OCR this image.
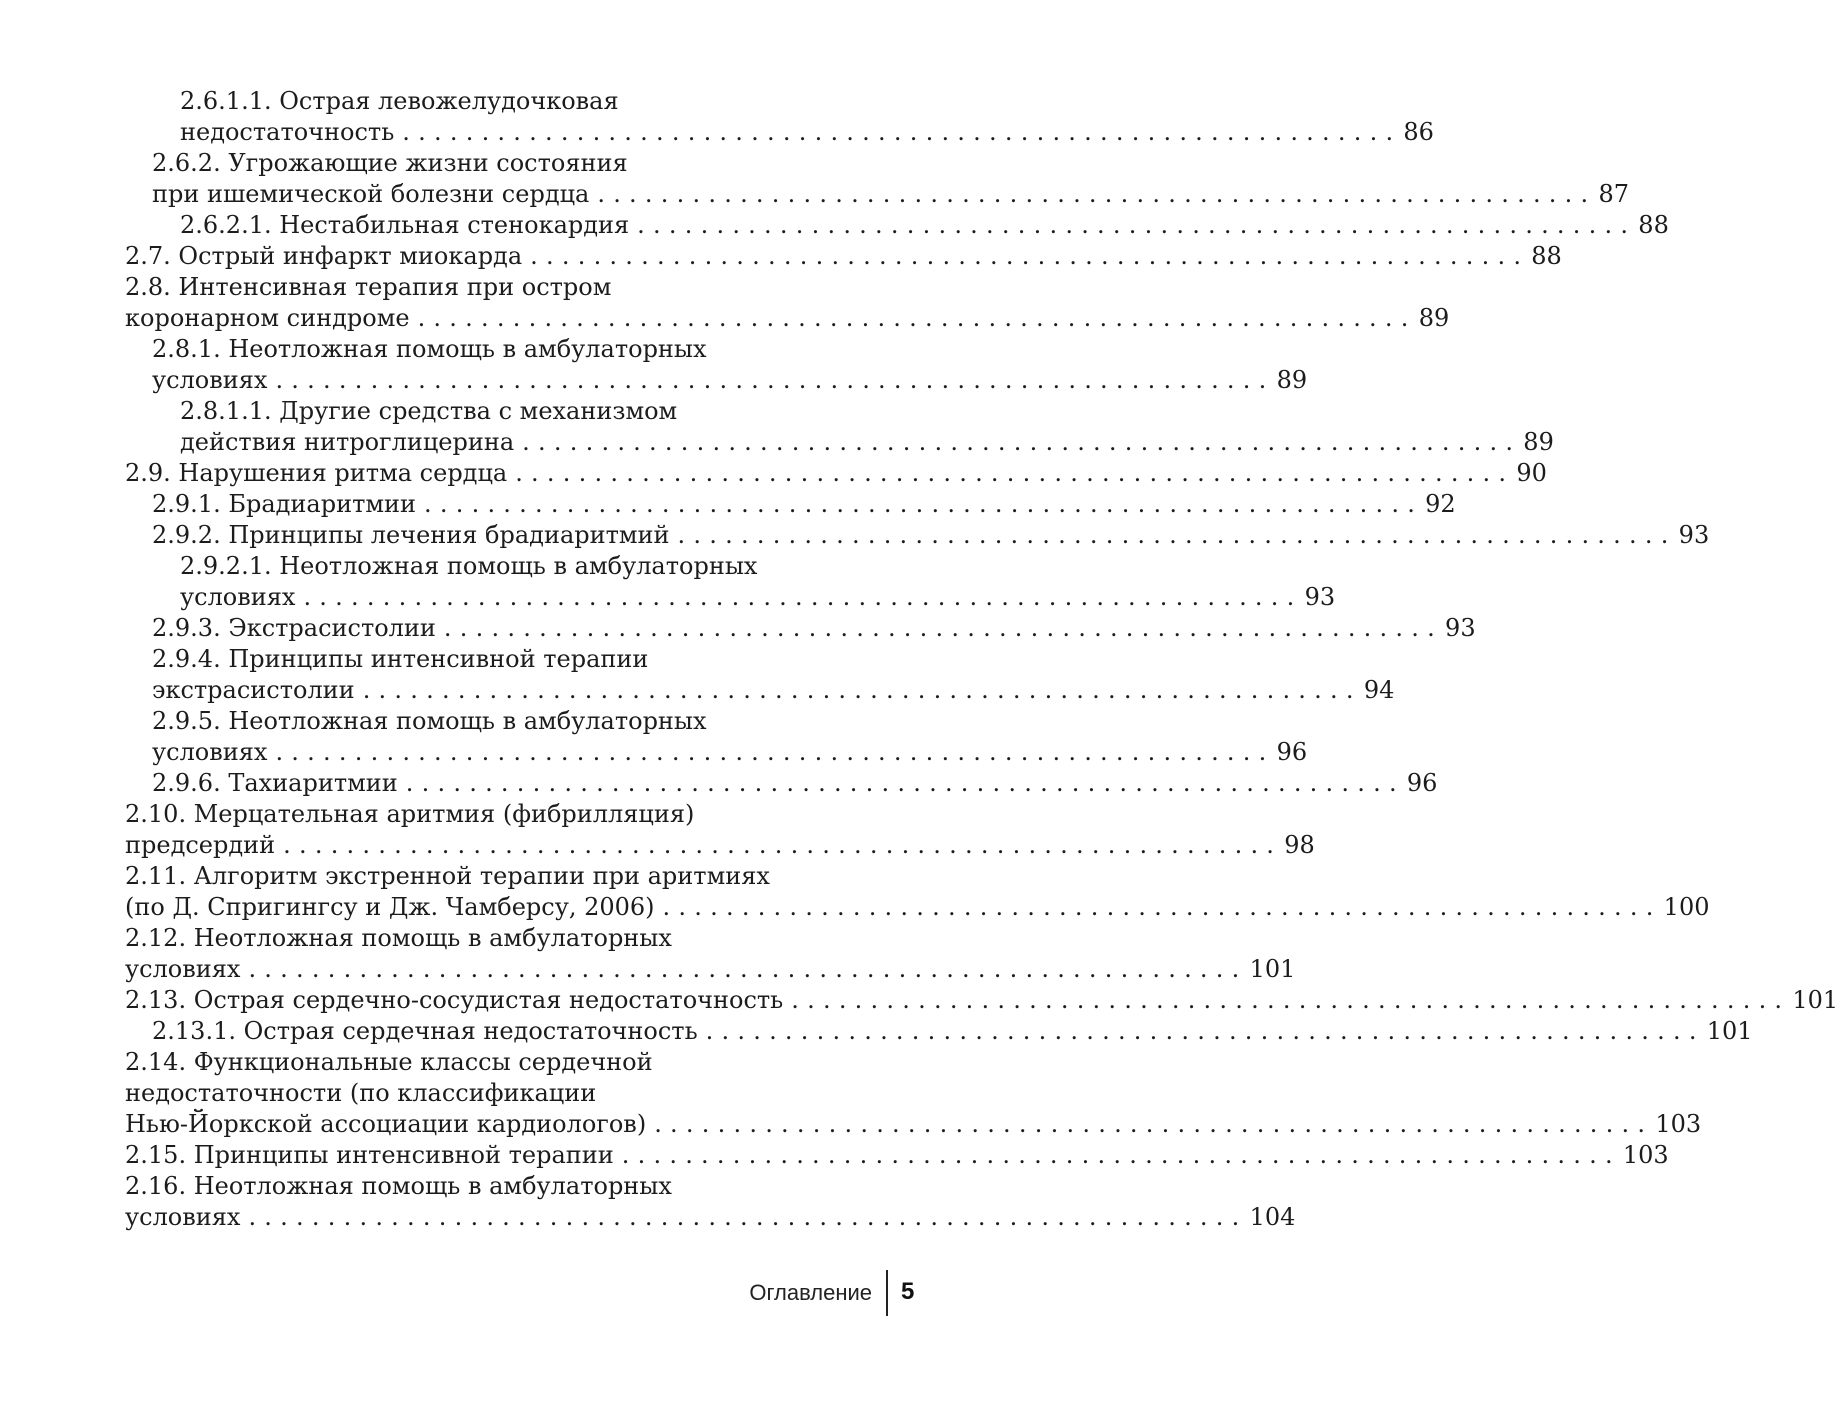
2.6.1.1. Острая левожелудочковая
недостаточность . . . . . . . . . . . . . . . . . . . . . . . . . . . . . . . . . . . . . . . . . . . . . . . . . . . . . . . . . . . . . . . 86
2.6.2. Угрожающие жизни состояния
при ишемической болезни сердца . . . . . . . . . . . . . . . . . . . . . . . . . . . . . . . . . . . . . . . . . . . . . . . . . . . . . . . . . . . . . . . 87
2.6.2.1. Нестабильная стенокардия . . . . . . . . . . . . . . . . . . . . . . . . . . . . . . . . . . . . . . . . . . . . . . . . . . . . . . . . . . . . . . . 88
2.7. Острый инфаркт миокарда . . . . . . . . . . . . . . . . . . . . . . . . . . . . . . . . . . . . . . . . . . . . . . . . . . . . . . . . . . . . . . . 88
2.8. Интенсивная терапия при остром
коронарном синдроме . . . . . . . . . . . . . . . . . . . . . . . . . . . . . . . . . . . . . . . . . . . . . . . . . . . . . . . . . . . . . . . 89
2.8.1. Неотложная помощь в амбулаторных
условиях . . . . . . . . . . . . . . . . . . . . . . . . . . . . . . . . . . . . . . . . . . . . . . . . . . . . . . . . . . . . . . . 89
2.8.1.1. Другие средства с механизмом
действия нитроглицерина . . . . . . . . . . . . . . . . . . . . . . . . . . . . . . . . . . . . . . . . . . . . . . . . . . . . . . . . . . . . . . . 89
2.9. Нарушения ритма сердца . . . . . . . . . . . . . . . . . . . . . . . . . . . . . . . . . . . . . . . . . . . . . . . . . . . . . . . . . . . . . . . 90
2.9.1. Брадиаритмии . . . . . . . . . . . . . . . . . . . . . . . . . . . . . . . . . . . . . . . . . . . . . . . . . . . . . . . . . . . . . . . 92
2.9.2. Принципы лечения брадиаритмий . . . . . . . . . . . . . . . . . . . . . . . . . . . . . . . . . . . . . . . . . . . . . . . . . . . . . . . . . . . . . . . 93
2.9.2.1. Неотложная помощь в амбулаторных
условиях . . . . . . . . . . . . . . . . . . . . . . . . . . . . . . . . . . . . . . . . . . . . . . . . . . . . . . . . . . . . . . . 93
2.9.3. Экстрасистолии . . . . . . . . . . . . . . . . . . . . . . . . . . . . . . . . . . . . . . . . . . . . . . . . . . . . . . . . . . . . . . . 93
2.9.4. Принципы интенсивной терапии
экстрасистолии . . . . . . . . . . . . . . . . . . . . . . . . . . . . . . . . . . . . . . . . . . . . . . . . . . . . . . . . . . . . . . . 94
2.9.5. Неотложная помощь в амбулаторных
условиях . . . . . . . . . . . . . . . . . . . . . . . . . . . . . . . . . . . . . . . . . . . . . . . . . . . . . . . . . . . . . . . 96
2.9.6. Тахиаритмии . . . . . . . . . . . . . . . . . . . . . . . . . . . . . . . . . . . . . . . . . . . . . . . . . . . . . . . . . . . . . . . 96
2.10. Мерцательная аритмия (фибрилляция)
предсердий . . . . . . . . . . . . . . . . . . . . . . . . . . . . . . . . . . . . . . . . . . . . . . . . . . . . . . . . . . . . . . . 98
2.11. Алгоритм экстренной терапии при аритмиях
(по Д. Спригингсу и Дж. Чамберсу, 2006) . . . . . . . . . . . . . . . . . . . . . . . . . . . . . . . . . . . . . . . . . . . . . . . . . . . . . . . . . . . . . . . 100
2.12. Неотложная помощь в амбулаторных
условиях . . . . . . . . . . . . . . . . . . . . . . . . . . . . . . . . . . . . . . . . . . . . . . . . . . . . . . . . . . . . . . . 101
2.13. Острая сердечно-сосудистая недостаточность . . . . . . . . . . . . . . . . . . . . . . . . . . . . . . . . . . . . . . . . . . . . . . . . . . . . . . . . . . . . . . . 101
2.13.1. Острая сердечная недостаточность . . . . . . . . . . . . . . . . . . . . . . . . . . . . . . . . . . . . . . . . . . . . . . . . . . . . . . . . . . . . . . . 101
2.14. Функциональные классы сердечной
недостаточности (по классификации
Нью-Йоркской ассоциации кардиологов) . . . . . . . . . . . . . . . . . . . . . . . . . . . . . . . . . . . . . . . . . . . . . . . . . . . . . . . . . . . . . . . 103
2.15. Принципы интенсивной терапии . . . . . . . . . . . . . . . . . . . . . . . . . . . . . . . . . . . . . . . . . . . . . . . . . . . . . . . . . . . . . . . 103
2.16. Неотложная помощь в амбулаторных
условиях . . . . . . . . . . . . . . . . . . . . . . . . . . . . . . . . . . . . . . . . . . . . . . . . . . . . . . . . . . . . . . . 104
Оглавление 5
